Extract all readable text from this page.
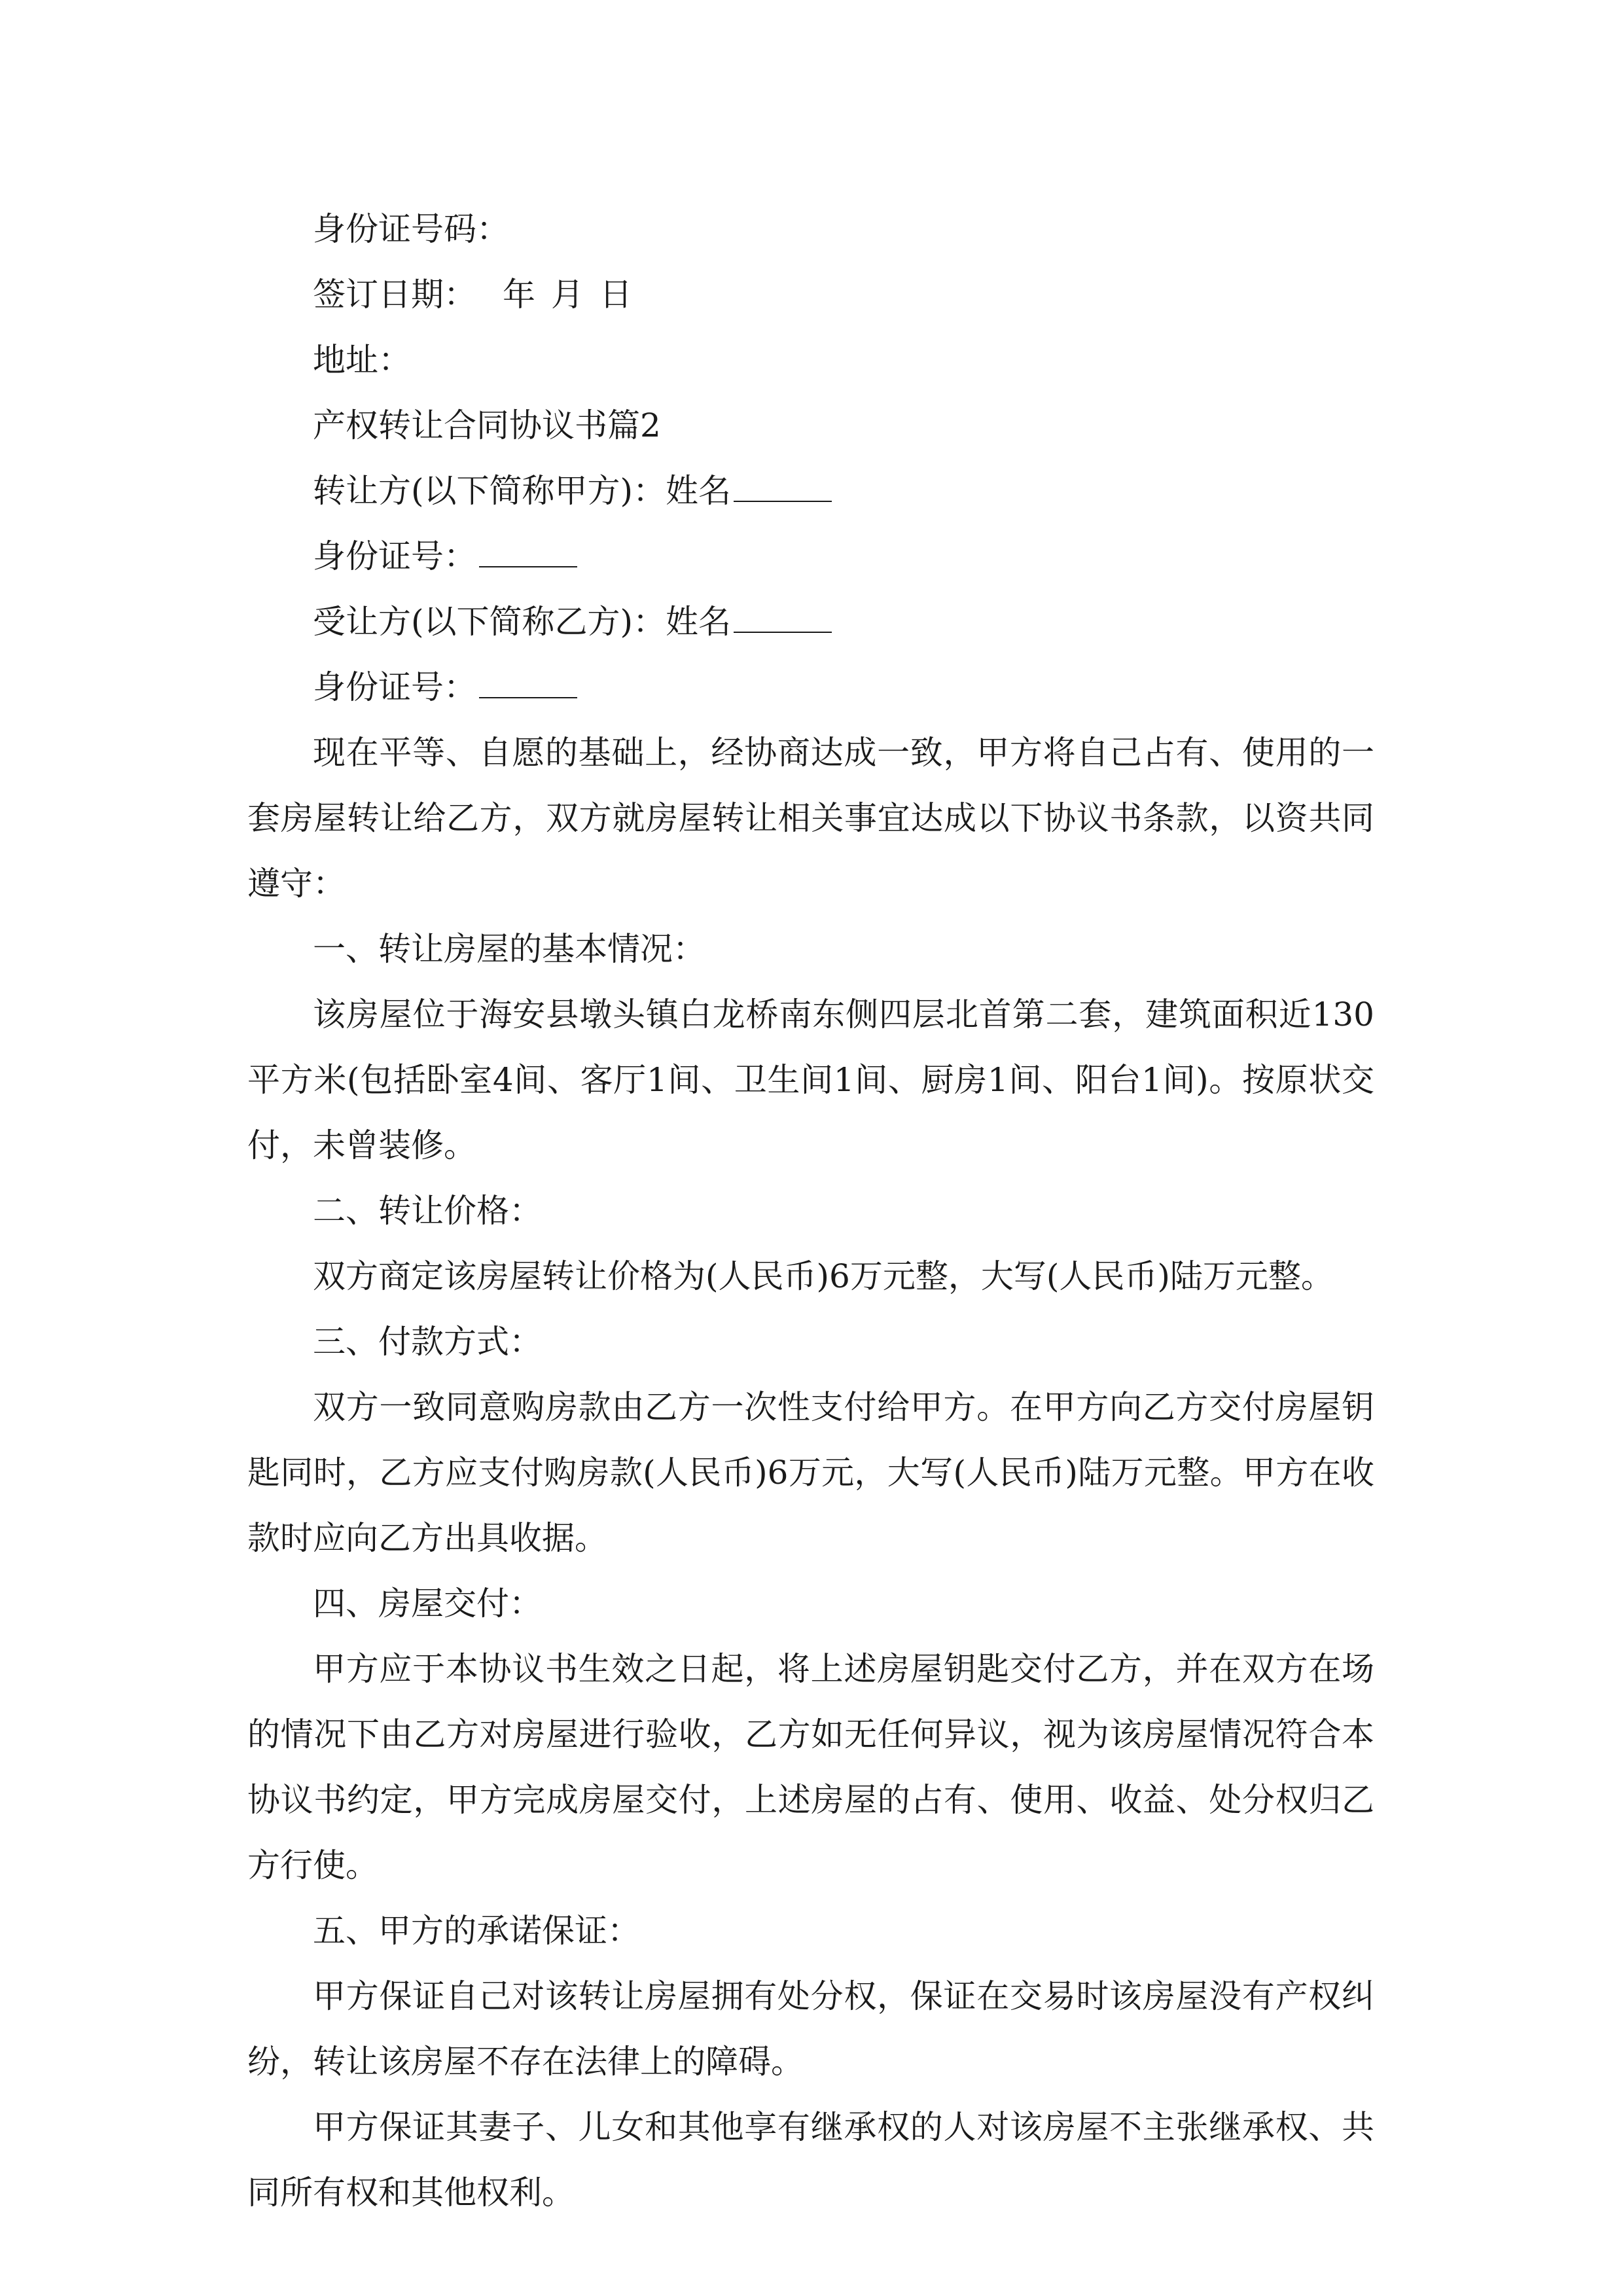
身份证号码：

签订日期： 年 月 日

地址：

产权转让合同协议书篇2

转让方(以下简称甲方)：姓名

身份证号：

受让方(以下简称乙方)：姓名

身份证号：

现在平等、自愿的基础上，经协商达成一致，甲方将自己占有、使用的一套房屋转让给乙方，双方就房屋转让相关事宜达成以下协议书条款，以资共同遵守：

一、转让房屋的基本情况：

该房屋位于海安县墩头镇白龙桥南东侧四层北首第二套，建筑面积近130平方米(包括卧室4间、客厅1间、卫生间1间、厨房1间、阳台1间)。按原状交付，未曾装修。

二、转让价格：

双方商定该房屋转让价格为(人民币)6万元整，大写(人民币)陆万元整。

三、付款方式：

双方一致同意购房款由乙方一次性支付给甲方。在甲方向乙方交付房屋钥匙同时，乙方应支付购房款(人民币)6万元，大写(人民币)陆万元整。甲方在收款时应向乙方出具收据。

四、房屋交付：

甲方应于本协议书生效之日起，将上述房屋钥匙交付乙方，并在双方在场的情况下由乙方对房屋进行验收，乙方如无任何异议，视为该房屋情况符合本协议书约定，甲方完成房屋交付，上述房屋的占有、使用、收益、处分权归乙方行使。

五、甲方的承诺保证：

甲方保证自己对该转让房屋拥有处分权，保证在交易时该房屋没有产权纠纷，转让该房屋不存在法律上的障碍。

甲方保证其妻子、儿女和其他享有继承权的人对该房屋不主张继承权、共同所有权和其他权利。
